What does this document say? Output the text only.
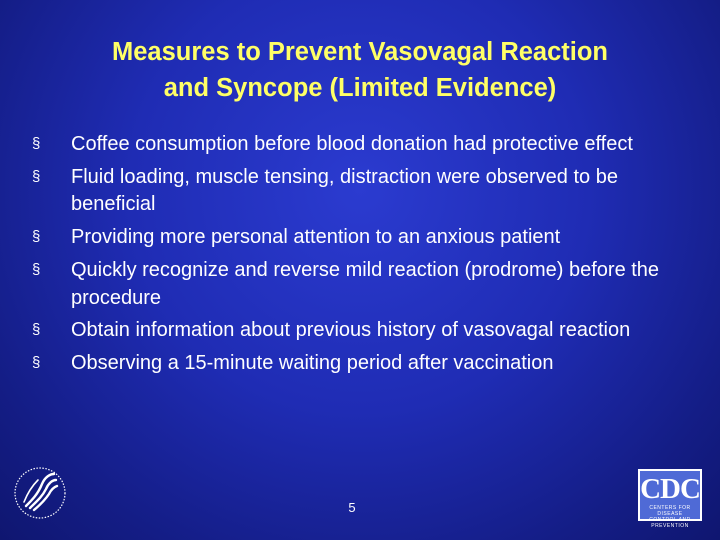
Measures to Prevent Vasovagal Reaction
and Syncope (Limited Evidence)
§ Coffee consumption before blood donation had protective effect
§ Fluid loading, muscle tensing, distraction were observed to be beneficial
§ Providing more personal attention to an anxious patient
§ Quickly recognize and reverse mild reaction (prodrome) before the procedure
§ Obtain information about previous history of vasovagal reaction
§ Observing a 15-minute waiting period after vaccination
5
CDC
CENTERS FOR DISEASE CONTROL AND PREVENTION
